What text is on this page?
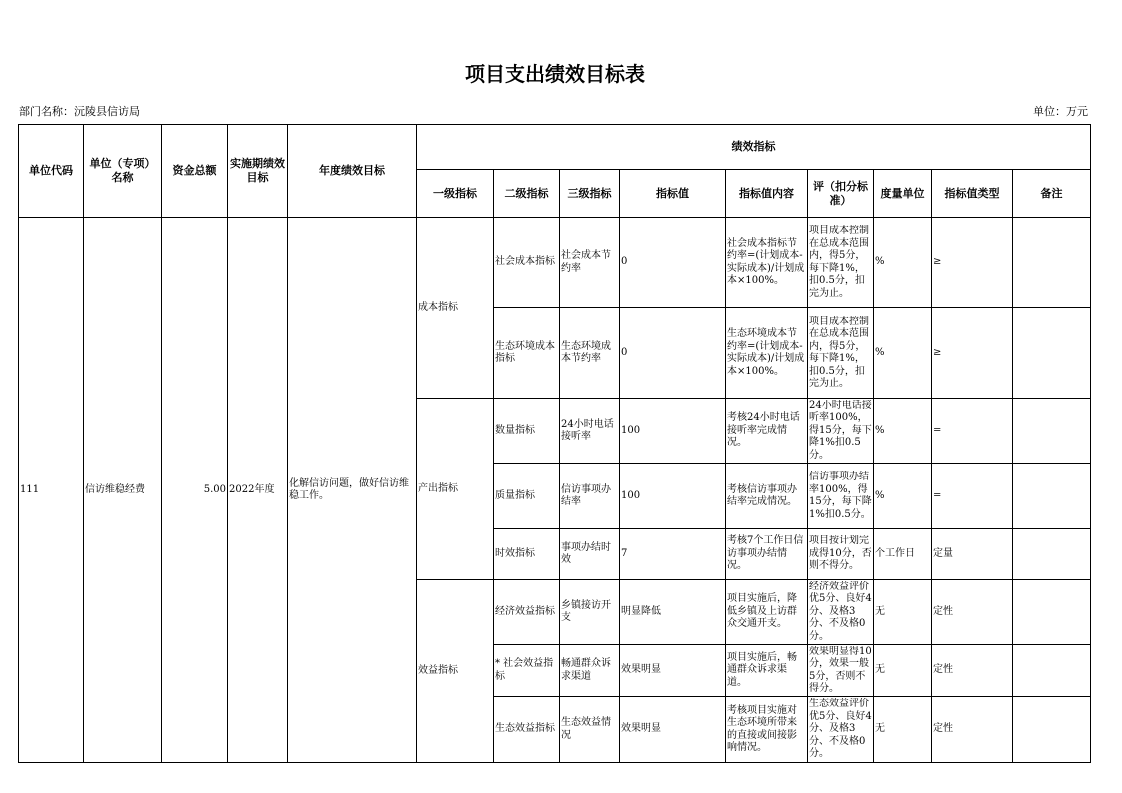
项目支出绩效目标表
部门名称：沅陵县信访局	单位：万元
单位代码	单位（专项）名称	资金总额	实施期绩效目标	年度绩效目标	绩效指标								
					一级指标	二级指标	三级指标	指标值	指标值内容	评（扣分标准）	度量单位	指标值类型	备注
111	信访维稳经费	5.00	2022年度	化解信访问题，做好信访维稳工作。	成本指标	社会成本指标	社会成本节约率	0	社会成本指标节约率=(计划成本-实际成本)/计划成本×100%。	项目成本控制在总成本范围内，得5分，每下降1%，扣0.5分，扣完为止。	%	≥	
						生态环境成本指标	生态环境成本节约率	0	生态环境成本节约率=(计划成本-实际成本)/计划成本×100%。	项目成本控制在总成本范围内，得5分，每下降1%，扣0.5分，扣完为止。	%	≥	
					产出指标	数量指标	24小时电话接听率	100	考核24小时电话接听率完成情况。	24小时电话接听率100%，得15分，每下降1%扣0.5分。	%	=	
						质量指标	信访事项办结率	100	考核信访事项办结率完成情况。	信访事项办结率100%，得15分，每下降1%扣0.5分。	%	=	
						时效指标	事项办结时效	7	考核7个工作日信访事项办结情况。	项目按计划完成得10分，否则不得分。	个工作日	定量	
					效益指标	经济效益指标	乡镇接访开支	明显降低	项目实施后，降低乡镇及上访群众交通开支。	经济效益评价优5分、良好4分、及格3分、不及格0分。	无	定性	
						* 社会效益指标	畅通群众诉求渠道	效果明显	项目实施后，畅通群众诉求渠道。	效果明显得10分，效果一般5分，否则不得分。	无	定性	
						生态效益指标	生态效益情况	效果明显	考核项目实施对生态环境所带来的直接或间接影响情况。	生态效益评价优5分、良好4分、及格3分、不及格0分。	无	定性	
